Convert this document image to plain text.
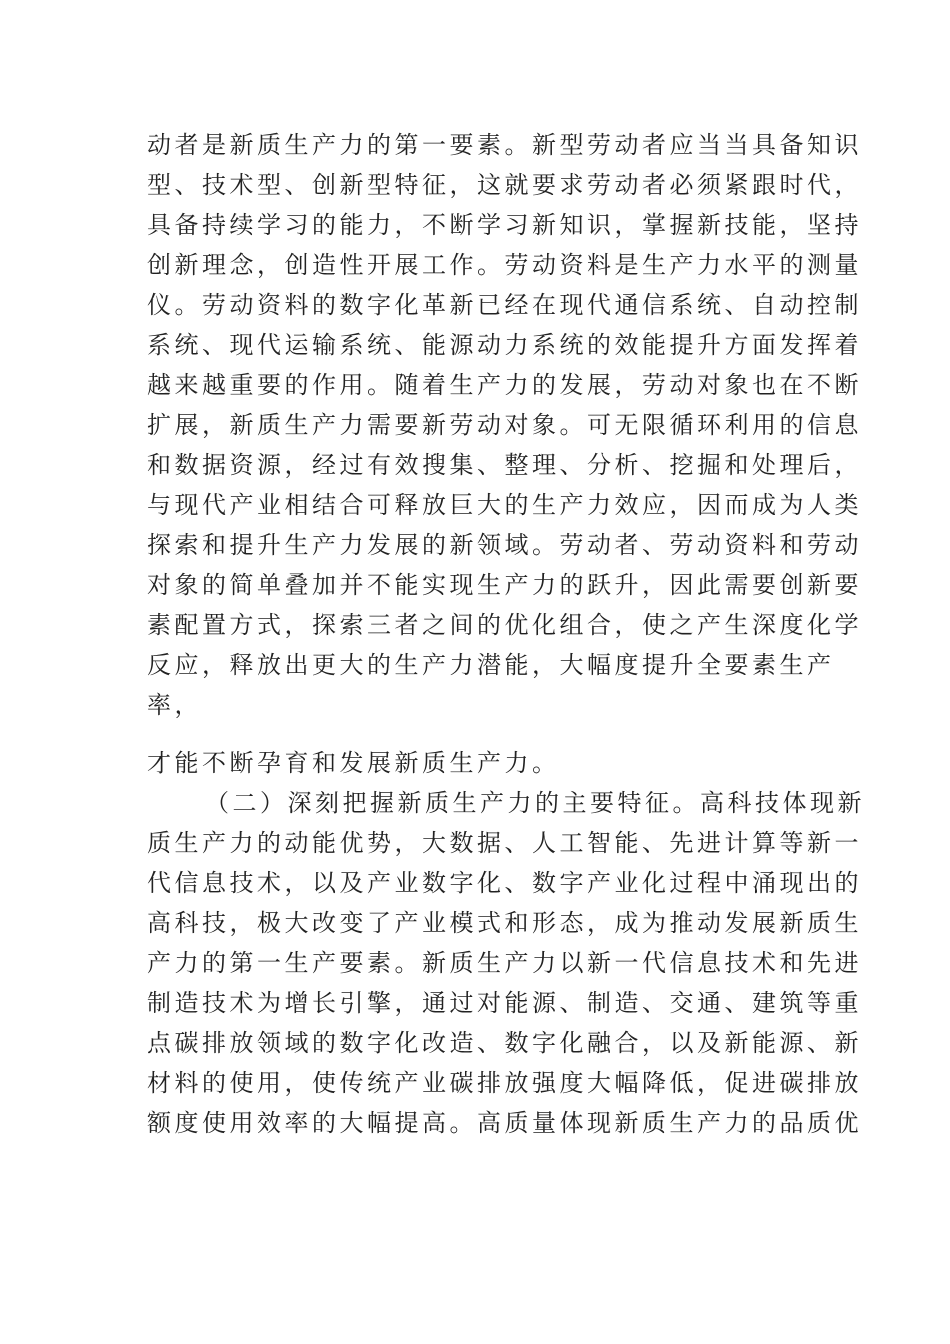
动者是新质生产力的第一要素。新型劳动者应当当具备知识
型、技术型、创新型特征，这就要求劳动者必须紧跟时代，
具备持续学习的能力，不断学习新知识，掌握新技能，坚持
创新理念，创造性开展工作。劳动资料是生产力水平的测量
仪。劳动资料的数字化革新已经在现代通信系统、自动控制
系统、现代运输系统、能源动力系统的效能提升方面发挥着
越来越重要的作用。随着生产力的发展，劳动对象也在不断
扩展，新质生产力需要新劳动对象。可无限循环利用的信息
和数据资源，经过有效搜集、整理、分析、挖掘和处理后，
与现代产业相结合可释放巨大的生产力效应，因而成为人类
探索和提升生产力发展的新领域。劳动者、劳动资料和劳动
对象的简单叠加并不能实现生产力的跃升，因此需要创新要
素配置方式，探索三者之间的优化组合，使之产生深度化学
反应，释放出更大的生产力潜能，大幅度提升全要素生产
率，
才能不断孕育和发展新质生产力。
（二）深刻把握新质生产力的主要特征。高科技体现新
质生产力的动能优势，大数据、人工智能、先进计算等新一
代信息技术，以及产业数字化、数字产业化过程中涌现出的
高科技，极大改变了产业模式和形态，成为推动发展新质生
产力的第一生产要素。新质生产力以新一代信息技术和先进
制造技术为增长引擎，通过对能源、制造、交通、建筑等重
点碳排放领域的数字化改造、数字化融合，以及新能源、新
材料的使用，使传统产业碳排放强度大幅降低，促进碳排放
额度使用效率的大幅提高。高质量体现新质生产力的品质优
